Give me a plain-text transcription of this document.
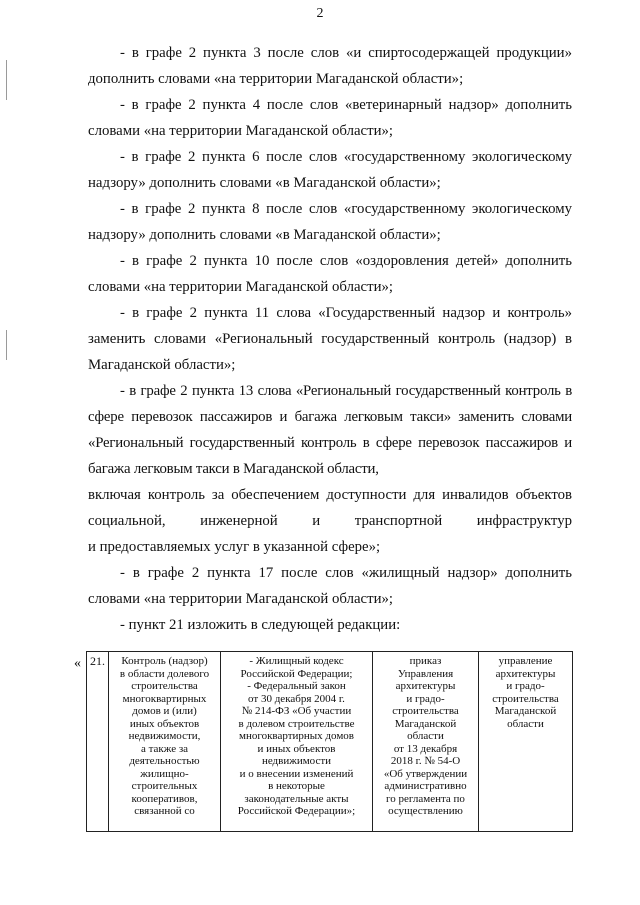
2

- в графе 2 пункта 3 после слов «и спиртосодержащей продукции» дополнить словами «на территории Магаданской области»;

- в графе 2 пункта 4 после слов «ветеринарный надзор» дополнить словами «на территории Магаданской области»;

- в графе 2 пункта 6 после слов «государственному экологическому надзору» дополнить словами «в Магаданской области»;

- в графе 2 пункта 8 после слов «государственному экологическому надзору» дополнить словами «в Магаданской области»;

- в графе 2 пункта 10 после слов «оздоровления детей» дополнить словами «на территории Магаданской области»;

- в графе 2 пункта 11 слова «Государственный надзор и контроль» заменить словами «Региональный государственный контроль (надзор) в Магаданской области»;

- в графе 2 пункта 13 слова «Региональный государственный контроль в сфере перевозок пассажиров и багажа легковым такси» заменить словами «Региональный государственный контроль в сфере перевозок пассажиров и багажа легковым такси в Магаданской области,

включая контроль за обеспечением доступности для инвалидов объектов социальной, инженерной и транспортной инфраструктур

и предоставляемых услуг в указанной сфере»;

- в графе 2 пункта 17 после слов «жилищный надзор» дополнить словами «на территории Магаданской области»;

- пункт 21 изложить в следующей редакции:

« 21.	Контроль (надзор)
в области долевого
строительства
многоквартирных
домов и (или)
иных объектов
недвижимости,
а также за
деятельностью
жилищно-
строительных
кооперативов,
связанной со	- Жилищный кодекс
Российской Федерации;
- Федеральный закон
от 30 декабря 2004 г.
№ 214-ФЗ «Об участии
в долевом строительстве
многоквартирных домов
и иных объектов
недвижимости
и о внесении изменений
в некоторые
законодательные акты
Российской Федерации»;	приказ
Управления
архитектуры
и градо-
строительства
Магаданской
области
от 13 декабря
2018 г. № 54-О
«Об утверждении
административно
го регламента по
осуществлению	управление
архитектуры
и градо-
строительства
Магаданской
области
